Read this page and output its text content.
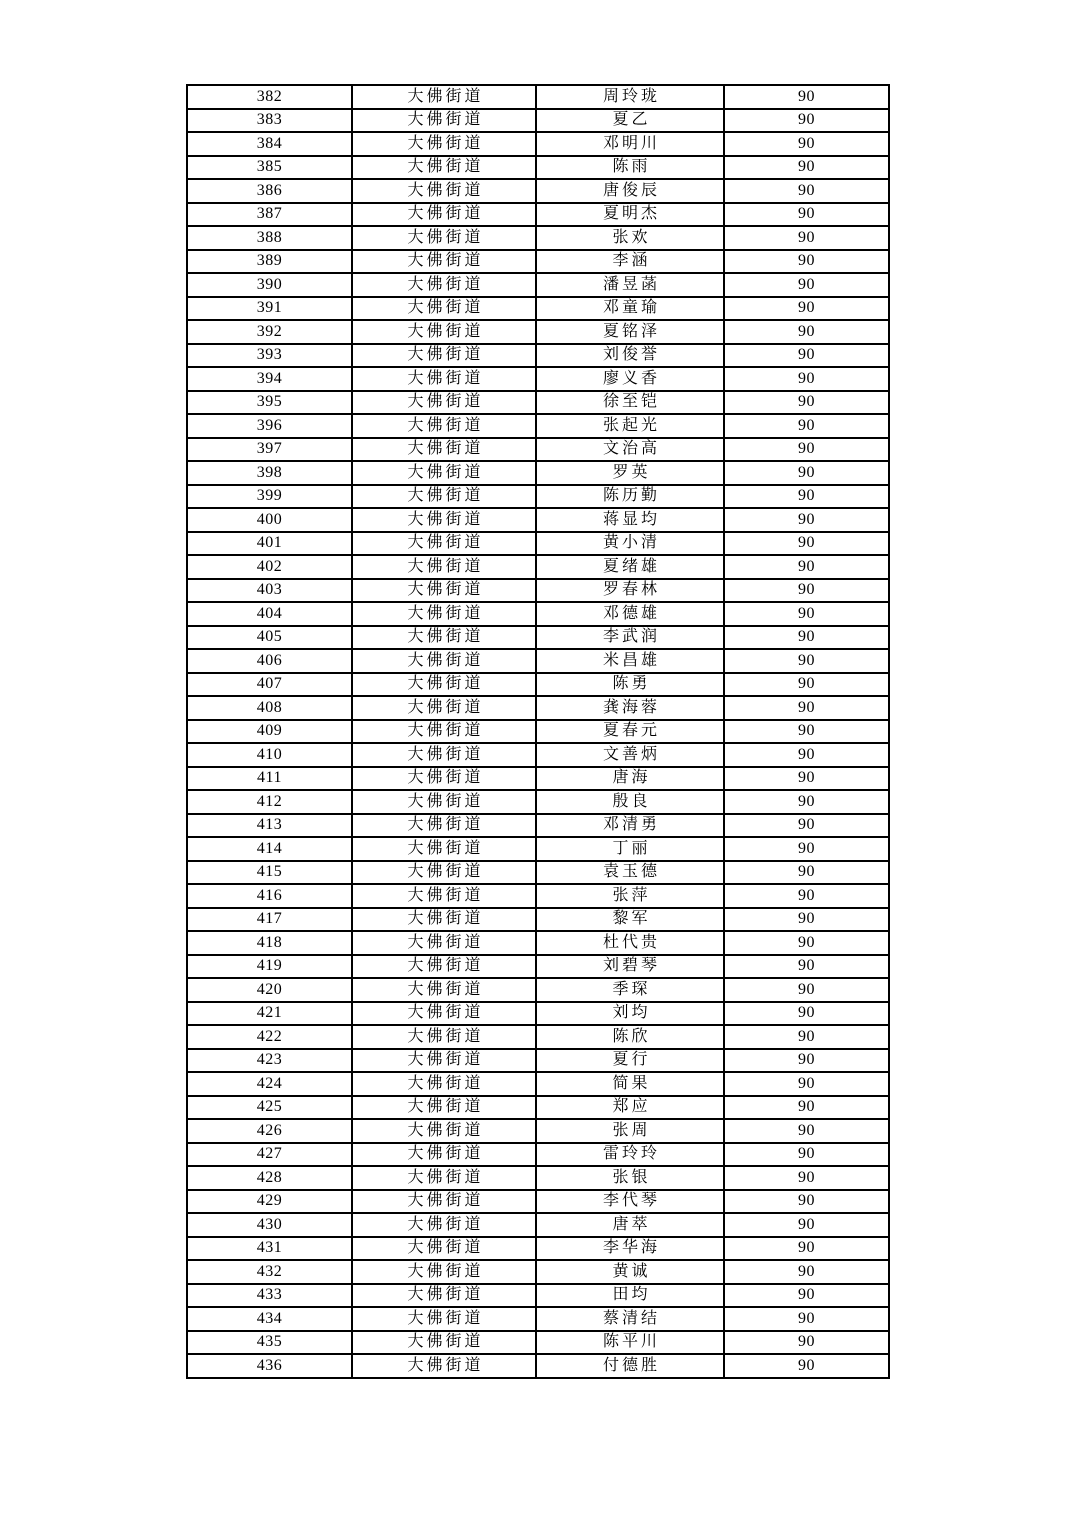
382	大佛街道	周玲珑	90
383	大佛街道	夏乙	90
384	大佛街道	邓明川	90
385	大佛街道	陈雨	90
386	大佛街道	唐俊辰	90
387	大佛街道	夏明杰	90
388	大佛街道	张欢	90
389	大佛街道	李涵	90
390	大佛街道	潘昱菡	90
391	大佛街道	邓童瑜	90
392	大佛街道	夏铭泽	90
393	大佛街道	刘俊誉	90
394	大佛街道	廖义香	90
395	大佛街道	徐至铠	90
396	大佛街道	张起光	90
397	大佛街道	文治高	90
398	大佛街道	罗英	90
399	大佛街道	陈历勤	90
400	大佛街道	蒋显均	90
401	大佛街道	黄小清	90
402	大佛街道	夏绪雄	90
403	大佛街道	罗春林	90
404	大佛街道	邓德雄	90
405	大佛街道	李武润	90
406	大佛街道	米昌雄	90
407	大佛街道	陈勇	90
408	大佛街道	龚海蓉	90
409	大佛街道	夏春元	90
410	大佛街道	文善炳	90
411	大佛街道	唐海	90
412	大佛街道	殷良	90
413	大佛街道	邓清勇	90
414	大佛街道	丁丽	90
415	大佛街道	袁玉德	90
416	大佛街道	张萍	90
417	大佛街道	黎军	90
418	大佛街道	杜代贵	90
419	大佛街道	刘碧琴	90
420	大佛街道	季琛	90
421	大佛街道	刘均	90
422	大佛街道	陈欣	90
423	大佛街道	夏行	90
424	大佛街道	简果	90
425	大佛街道	郑应	90
426	大佛街道	张周	90
427	大佛街道	雷玲玲	90
428	大佛街道	张银	90
429	大佛街道	李代琴	90
430	大佛街道	唐萃	90
431	大佛街道	李华海	90
432	大佛街道	黄诚	90
433	大佛街道	田均	90
434	大佛街道	蔡清结	90
435	大佛街道	陈平川	90
436	大佛街道	付德胜	90
